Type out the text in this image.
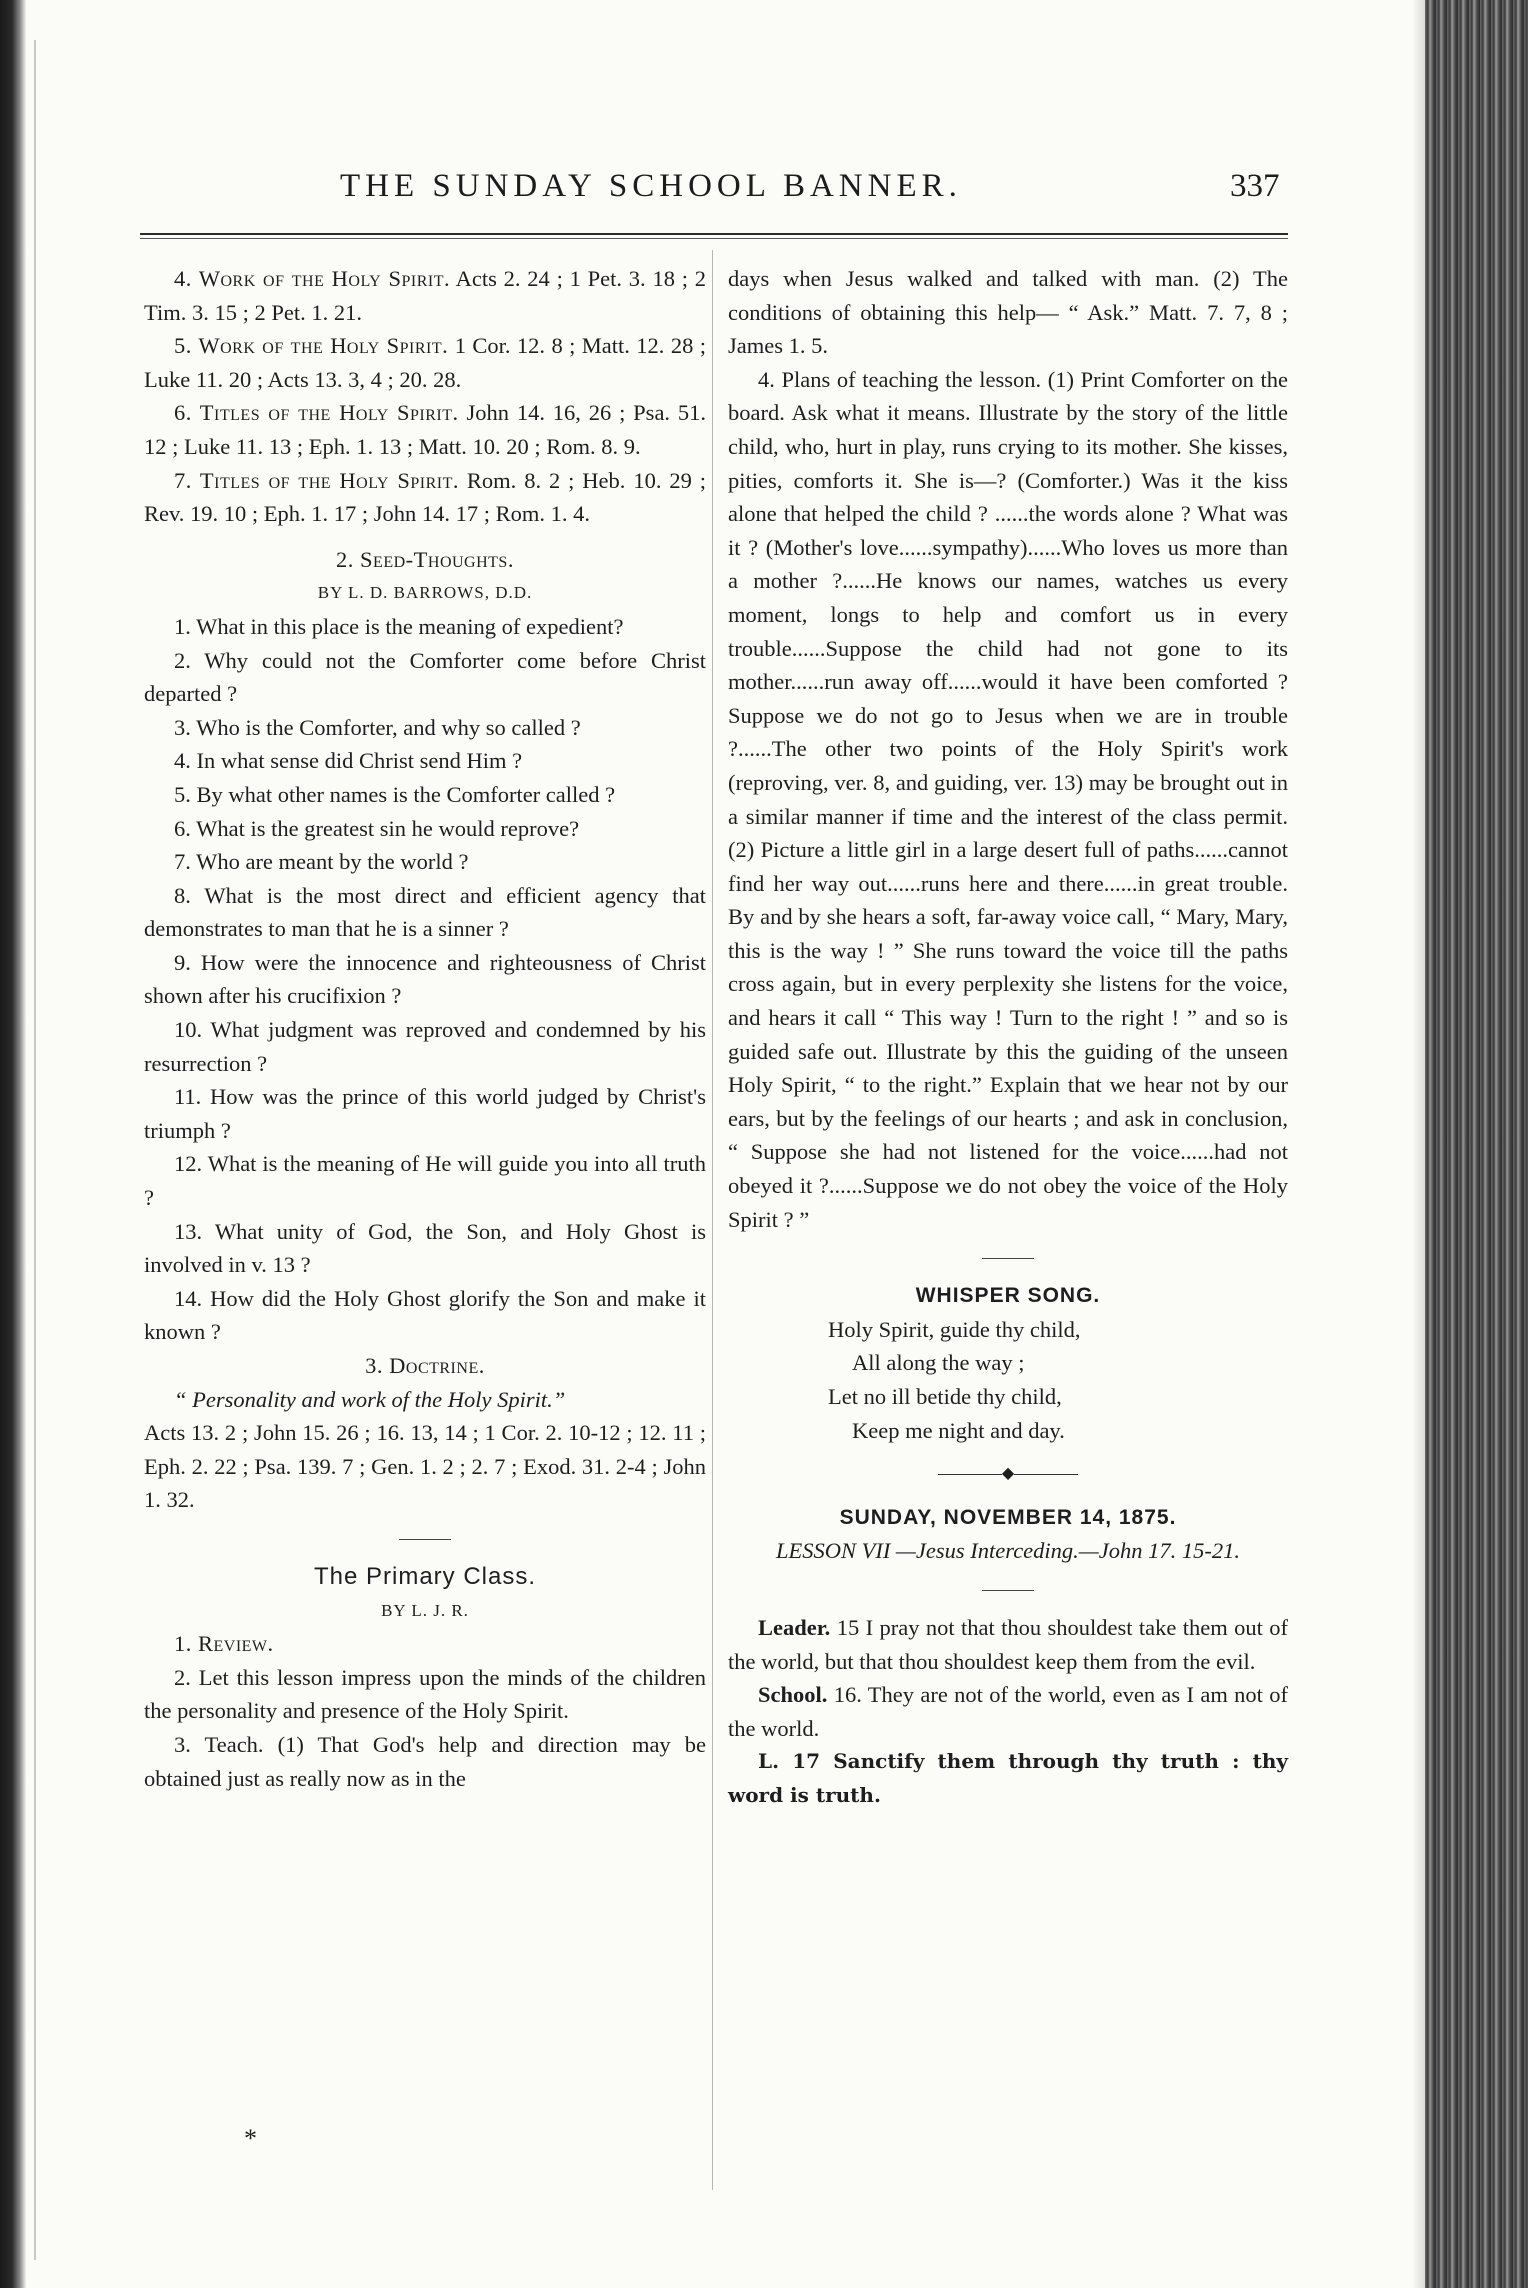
THE SUNDAY SCHOOL BANNER.	337

4. Work of the Holy Spirit. Acts 2. 24 ; 1 Pet. 3. 18 ; 2 Tim. 3. 15 ; 2 Pet. 1. 21.

5. Work of the Holy Spirit. 1 Cor. 12. 8 ; Matt. 12. 28 ; Luke 11. 20 ; Acts 13. 3, 4 ; 20. 28.

6. Titles of the Holy Spirit. John 14. 16, 26 ; Psa. 51. 12 ; Luke 11. 13 ; Eph. 1. 13 ; Matt. 10. 20 ; Rom. 8. 9.

7. Titles of the Holy Spirit. Rom. 8. 2 ; Heb. 10. 29 ; Rev. 19. 10 ; Eph. 1. 17 ; John 14. 17 ; Rom. 1. 4.

2. Seed-Thoughts.

BY L. D. BARROWS, D.D.

1. What in this place is the meaning of expedient?

2. Why could not the Comforter come before Christ departed ?

3. Who is the Comforter, and why so called ?

4. In what sense did Christ send Him ?

5. By what other names is the Comforter called ?

6. What is the greatest sin he would reprove?

7. Who are meant by the world ?

8. What is the most direct and efficient agency that demonstrates to man that he is a sinner ?

9. How were the innocence and righteousness of Christ shown after his crucifixion ?

10. What judgment was reproved and condemned by his resurrection ?

11. How was the prince of this world judged by Christ's triumph ?

12. What is the meaning of He will guide you into all truth ?

13. What unity of God, the Son, and Holy Ghost is involved in v. 13 ?

14. How did the Holy Ghost glorify the Son and make it known ?

3. Doctrine.

“ Personality and work of the Holy Spirit.”

Acts 13. 2 ; John 15. 26 ; 16. 13, 14 ; 1 Cor. 2. 10-12 ; 12. 11 ; Eph. 2. 22 ; Psa. 139. 7 ; Gen. 1. 2 ; 2. 7 ; Exod. 31. 2-4 ; John 1. 32.

The Primary Class.

BY L. J. R.

1. Review.

2. Let this lesson impress upon the minds of the children the personality and presence of the Holy Spirit.

3. Teach. (1) That God's help and direction may be obtained just as really now as in the

*

days when Jesus walked and talked with man. (2) The conditions of obtaining this help— “ Ask.” Matt. 7. 7, 8 ; James 1. 5.

4. Plans of teaching the lesson. (1) Print Comforter on the board. Ask what it means. Illustrate by the story of the little child, who, hurt in play, runs crying to its mother. She kisses, pities, comforts it. She is—? (Comforter.) Was it the kiss alone that helped the child ? ......the words alone ? What was it ? (Mother's love......sympathy)......Who loves us more than a mother ?......He knows our names, watches us every moment, longs to help and comfort us in every trouble......Suppose the child had not gone to its mother......run away off......would it have been comforted ? Suppose we do not go to Jesus when we are in trouble ?......The other two points of the Holy Spirit's work (reproving, ver. 8, and guiding, ver. 13) may be brought out in a similar manner if time and the interest of the class permit. (2) Picture a little girl in a large desert full of paths......cannot find her way out......runs here and there......in great trouble. By and by she hears a soft, far-away voice call, “ Mary, Mary, this is the way ! ” She runs toward the voice till the paths cross again, but in every perplexity she listens for the voice, and hears it call “ This way ! Turn to the right ! ” and so is guided safe out. Illustrate by this the guiding of the unseen Holy Spirit, “ to the right.” Explain that we hear not by our ears, but by the feelings of our hearts ; and ask in conclusion, “ Suppose she had not listened for the voice......had not obeyed it ?......Suppose we do not obey the voice of the Holy Spirit ? ”

WHISPER SONG.

Holy Spirit, guide thy child,
All along the way ;
Let no ill betide thy child,
Keep me night and day.
◆

SUNDAY, NOVEMBER 14, 1875.

LESSON VII —Jesus Interceding.—John 17. 15-21.

Leader. 15 I pray not that thou shouldest take them out of the world, but that thou shouldest keep them from the evil.

School. 16. They are not of the world, even as I am not of the world.

L. 17 Sanctify them through thy truth : thy word is truth.
